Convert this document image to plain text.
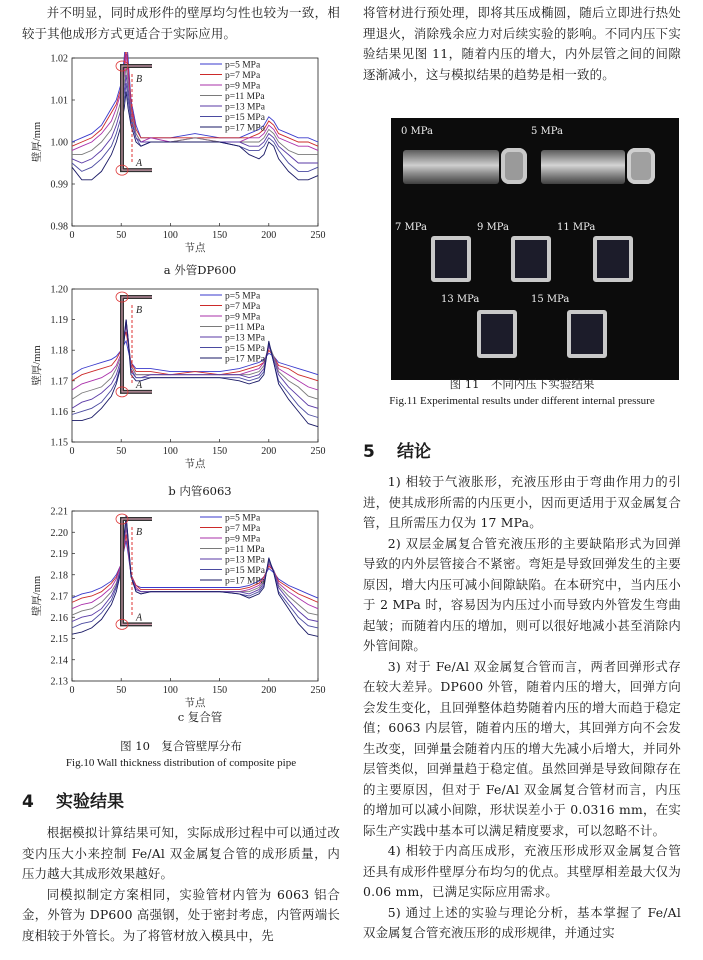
并不明显，同时成形件的壁厚均匀性也较为一致，相较于其他成形方式更适合于实际应用。

0	50	100	150	200	250
0.98
0.99
1.00
1.01
1.02
节点
壁厚/mm
B
A
p=5 MPa
p=7 MPa
p=9 MPa
p=11 MPa
p=13 MPa
p=15 MPa
p=17 MPa
a 外管DP600
0	50	100	150	200	250
1.15
1.16
1.17
1.18
1.19
1.20
节点
壁厚/mm
B
A
p=5 MPa
p=7 MPa
p=9 MPa
p=11 MPa
p=13 MPa
p=15 MPa
p=17 MPa
b 内管6063
0	50	100	150	200	250
2.13
2.14
2.15
2.16
2.17
2.18
2.19
2.20
2.21
节点
壁厚/mm
B
A
p=5 MPa
p=7 MPa
p=9 MPa
p=11 MPa
p=13 MPa
p=15 MPa
p=17 MPa
c 复合管
图 10　复合管壁厚分布
Fig.10 Wall thickness distribution of composite pipe
4 实验结果

根据模拟计算结果可知，实际成形过程中可以通过改变内压大小来控制 Fe/Al 双金属复合管的成形质量，内压力越大其成形效果越好。

同模拟制定方案相同，实验管材内管为 6063 铝合金，外管为 DP600 高强钢，处于密封考虑，内管两端长度相较于外管长。为了将管材放入模具中，先

将管材进行预处理，即将其压成椭圆，随后立即进行热处理退火，消除残余应力对后续实验的影响。不同内压下实验结果见图 11，随着内压的增大，内外层管之间的间隙逐渐减小，这与模拟结果的趋势是相一致的。

0 MPa	5 MPa
7 MPa	9 MPa	11 MPa
13 MPa	15 MPa
图 11　不同内压下实验结果
Fig.11 Experimental results under different internal pressure
5 结论

1) 相较于气液胀形，充液压形由于弯曲作用力的引进，使其成形所需的内压更小，因而更适用于双金属复合管，且所需压力仅为 17 MPa。

2) 双层金属复合管充液压形的主要缺陷形式为回弹导致的内外层管接合不紧密。弯矩是导致回弹发生的主要原因，增大内压可减小间隙缺陷。在本研究中，当内压小于 2 MPa 时，容易因为内压过小而导致内外管发生弯曲起皱；而随着内压的增加，则可以很好地减小甚至消除内外管间隙。

3) 对于 Fe/Al 双金属复合管而言，两者回弹形式存在较大差异。DP600 外管，随着内压的增大，回弹方向会发生变化，且回弹整体趋势随着内压的增大而趋于稳定值；6063 内层管，随着内压的增大，其回弹方向不会发生改变，回弹量会随着内压的增大先减小后增大，并同外层管类似，回弹量趋于稳定值。虽然回弹是导致间隙存在的主要原因，但对于 Fe/Al 双金属复合管材而言，内压的增加可以减小间隙，形状误差小于 0.0316 mm，在实际生产实践中基本可以满足精度要求，可以忽略不计。

4) 相较于内高压成形，充液压形成形双金属复合管还具有成形件壁厚分布均匀的优点。其壁厚相差最大仅为 0.06 mm，已满足实际应用需求。

5) 通过上述的实验与理论分析，基本掌握了 Fe/Al 双金属复合管充液压形的成形规律，并通过实
